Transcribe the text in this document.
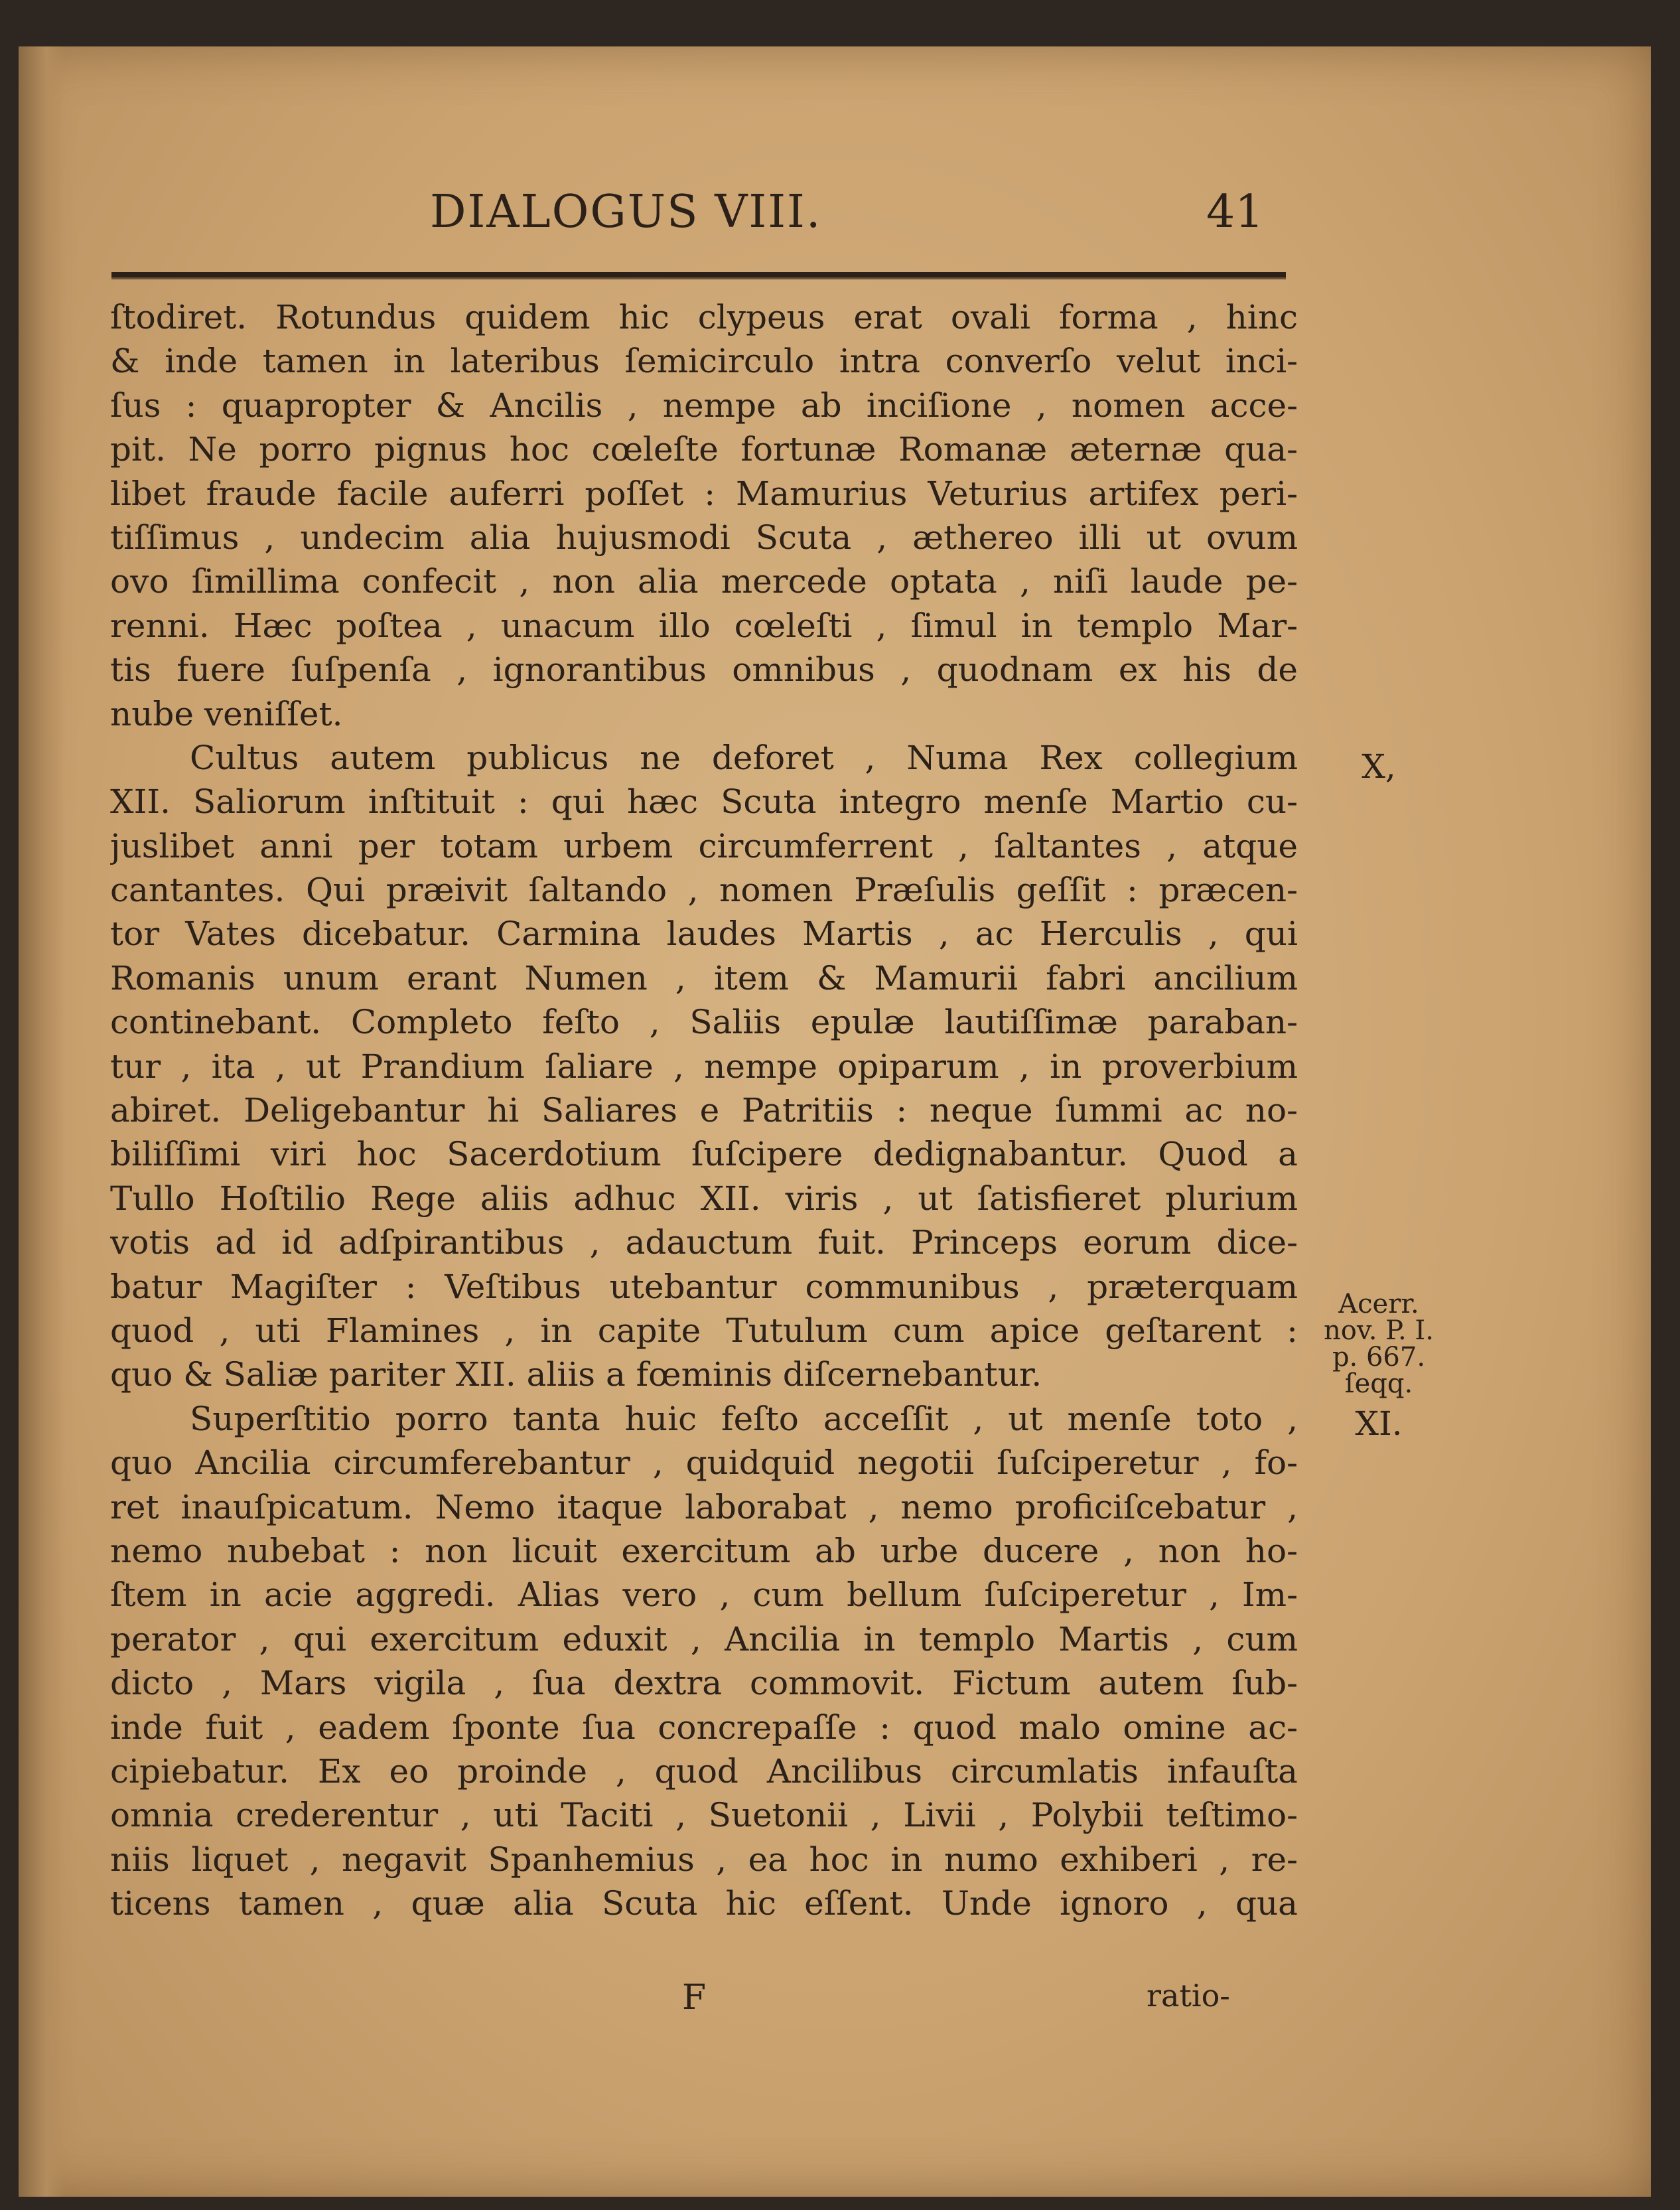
DIALOGUS VIII.	41
ſtodiret. Rotundus quidem hic clypeus erat ovali forma , hinc
& inde tamen in lateribus ſemicirculo intra converſo velut inci-
ſus : quapropter & Ancilis , nempe ab inciſione , nomen acce-
pit. Ne porro pignus hoc cœleſte fortunæ Romanæ æternæ qua-
libet fraude facile auferri poſſet : Mamurius Veturius artifex peri-
tiſſimus , undecim alia hujusmodi Scuta , æthereo illi ut ovum
ovo ſimillima confecit , non alia mercede optata , niſi laude pe-
renni. Hæc poſtea , unacum illo cœleſti , ſimul in templo Mar-
tis fuere ſuſpenſa , ignorantibus omnibus , quodnam ex his de
nube veniſſet.
Cultus autem publicus ne deforet , Numa Rex collegium
XII. Saliorum inſtituit : qui hæc Scuta integro menſe Martio cu-
juslibet anni per totam urbem circumferrent , ſaltantes , atque
cantantes. Qui præivit ſaltando , nomen Præſulis geſſit : præcen-
tor Vates dicebatur. Carmina laudes Martis , ac Herculis , qui
Romanis unum erant Numen , item & Mamurii fabri ancilium
continebant. Completo feſto , Saliis epulæ lautiſſimæ paraban-
tur , ita , ut Prandium ſaliare , nempe opiparum , in proverbium
abiret. Deligebantur hi Saliares e Patritiis : neque ſummi ac no-
biliſſimi viri hoc Sacerdotium ſuſcipere dedignabantur. Quod a
Tullo Hoſtilio Rege aliis adhuc XII. viris , ut ſatisfieret plurium
votis ad id adſpirantibus , adauctum fuit. Princeps eorum dice-
batur Magiſter : Veſtibus utebantur communibus , præterquam
quod , uti Flamines , in capite Tutulum cum apice geſtarent :
quo & Saliæ pariter XII. aliis a fœminis diſcernebantur.
Superſtitio porro tanta huic feſto acceſſit , ut menſe toto ,
quo Ancilia circumferebantur , quidquid negotii ſuſciperetur , fo-
ret inauſpicatum. Nemo itaque laborabat , nemo proficiſcebatur ,
nemo nubebat : non licuit exercitum ab urbe ducere , non ho-
ſtem in acie aggredi. Alias vero , cum bellum ſuſciperetur , Im-
perator , qui exercitum eduxit , Ancilia in templo Martis , cum
dicto , Mars vigila , ſua dextra commovit. Fictum autem ſub-
inde fuit , eadem ſponte ſua concrepaſſe : quod malo omine ac-
cipiebatur. Ex eo proinde , quod Ancilibus circumlatis infauſta
omnia crederentur , uti Taciti , Suetonii , Livii , Polybii teſtimo-
niis liquet , negavit Spanhemius , ea hoc in numo exhiberi , re-
ticens tamen , quæ alia Scuta hic eſſent. Unde ignoro , qua
X,
Acerr.
nov. P. I.
p. 667.
ſeqq.
XI.
F	ratio-
